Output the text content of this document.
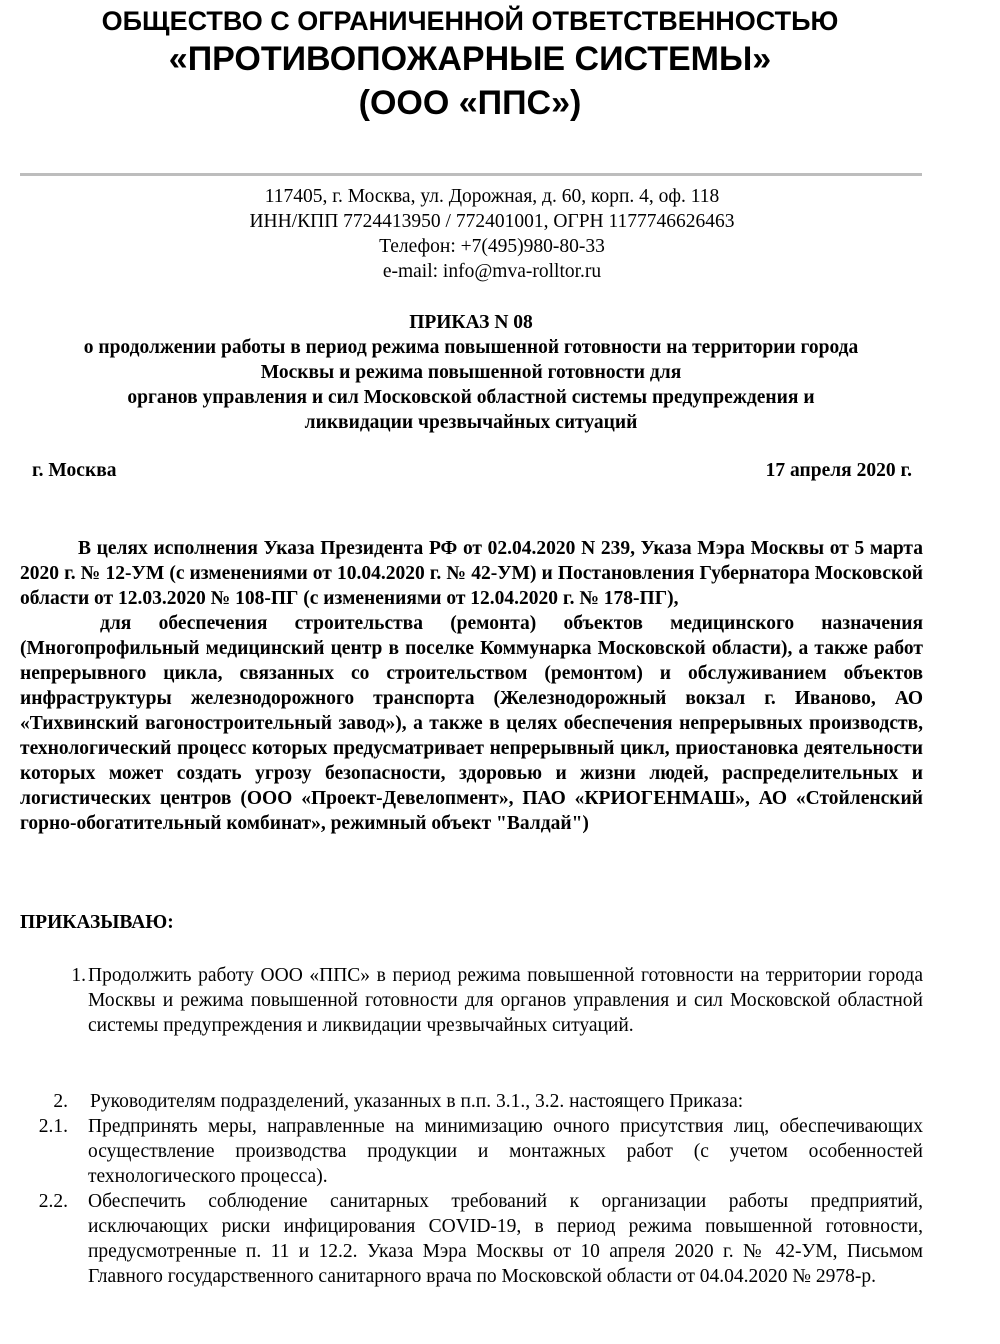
ОБЩЕСТВО С ОГРАНИЧЕННОЙ ОТВЕТСТВЕННОСТЬЮ
«ПРОТИВОПОЖАРНЫЕ СИСТЕМЫ»
(ООО «ППС»)
117405, г. Москва, ул. Дорожная, д. 60, корп. 4, оф. 118
ИНН/КПП 7724413950 / 772401001, ОГРН 1177746626463
Телефон: +7(495)980-80-33
e-mail: info@mva-rolltor.ru
ПРИКАЗ N 08
о продолжении работы в период режима повышенной готовности на территории города
Москвы и режима повышенной готовности для
органов управления и сил Московской областной системы предупреждения и
ликвидации чрезвычайных ситуаций
г. Москва	17 апреля 2020 г.

В целях исполнения Указа Президента РФ от 02.04.2020 N 239, Указа Мэра Москвы от 5 марта 2020 г. № 12-УМ (с изменениями от 10.04.2020 г. № 42-УМ) и Постановления Губернатора Московской области от 12.03.2020 № 108-ПГ (с изменениями от 12.04.2020 г. № 178-ПГ),

для обеспечения строительства (ремонта) объектов медицинского назначения (Многопрофильный медицинский центр в поселке Коммунарка Московской области), а также работ непрерывного цикла, связанных со строительством (ремонтом) и обслуживанием объектов инфраструктуры железнодорожного транспорта (Железнодорожный вокзал г. Иваново, АО «Тихвинский вагоностроительный завод»), а также в целях обеспечения непрерывных производств, технологический процесс которых предусматривает непрерывный цикл, приостановка деятельности которых может создать угрозу безопасности, здоровью и жизни людей, распределительных и логистических центров (ООО «Проект-Девелопмент», ПАО «КРИОГЕНМАШ», АО «Стойленский горно-обогатительный комбинат», режимный объект "Валдай")

ПРИКАЗЫВАЮ:
1. Продолжить работу ООО «ППС» в период режима повышенной готовности на территории города Москвы и режима повышенной готовности для органов управления и сил Московской областной системы предупреждения и ликвидации чрезвычайных ситуаций.
2. Руководителям подразделений, указанных в п.п. 3.1., 3.2. настоящего Приказа:
2.1. Предпринять меры, направленные на минимизацию очного присутствия лиц, обеспечивающих осуществление производства продукции и монтажных работ (с учетом особенностей технологического процесса).
2.2. Обеспечить соблюдение санитарных требований к организации работы предприятий, исключающих риски инфицирования COVID-19, в период режима повышенной готовности, предусмотренные п. 11 и 12.2. Указа Мэра Москвы от 10 апреля 2020 г. № 42-УМ, Письмом Главного государственного санитарного врача по Московской области от 04.04.2020 № 2978-р.
